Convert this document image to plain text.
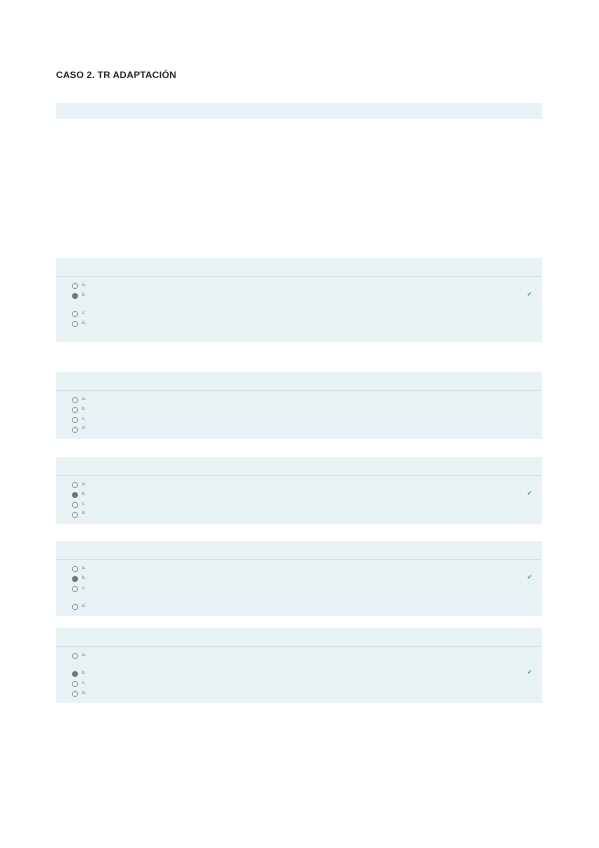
CASO 2. TR ADAPTACIÓN

a.
b.	✔
c.
d.
a.
b.
c.
d.
a.
b.	✔
c.
d.
a.
b.	✔
c.
d.
a.
b.	✔
c.
d.
